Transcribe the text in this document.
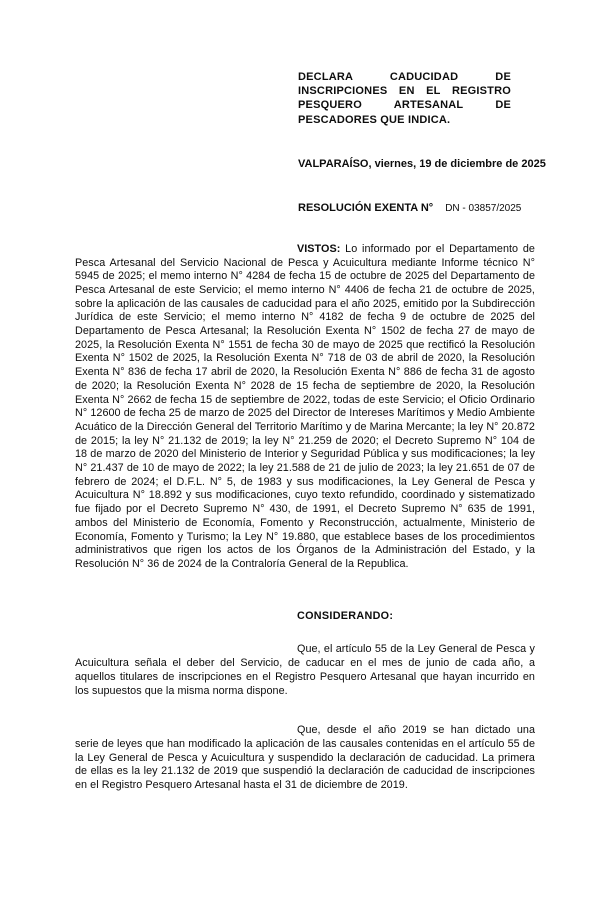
DECLARA CADUCIDAD DE INSCRIPCIONES EN EL REGISTRO PESQUERO ARTESANAL DE PESCADORES QUE INDICA.

VALPARAÍSO, viernes, 19 de diciembre de 2025

RESOLUCIÓN EXENTA N° DN - 03857/2025

VISTOS: Lo informado por el Departamento de Pesca Artesanal del Servicio Nacional de Pesca y Acuicultura mediante Informe técnico N° 5945 de 2025; el memo interno N° 4284 de fecha 15 de octubre de 2025 del Departamento de Pesca Artesanal de este Servicio; el memo interno N° 4406 de fecha 21 de octubre de 2025, sobre la aplicación de las causales de caducidad para el año 2025, emitido por la Subdirección Jurídica de este Servicio; el memo interno N° 4182 de fecha 9 de octubre de 2025 del Departamento de Pesca Artesanal; la Resolución Exenta N° 1502 de fecha 27 de mayo de 2025, la Resolución Exenta N° 1551 de fecha 30 de mayo de 2025 que rectificó la Resolución Exenta N° 1502 de 2025, la Resolución Exenta N° 718 de 03 de abril de 2020, la Resolución Exenta N° 836 de fecha 17 abril de 2020, la Resolución Exenta N° 886 de fecha 31 de agosto de 2020; la Resolución Exenta N° 2028 de 15 fecha de septiembre de 2020, la Resolución Exenta N° 2662 de fecha 15 de septiembre de 2022, todas de este Servicio; el Oficio Ordinario N° 12600 de fecha 25 de marzo de 2025 del Director de Intereses Marítimos y Medio Ambiente Acuático de la Dirección General del Territorio Marítimo y de Marina Mercante; la ley N° 20.872 de 2015; la ley N° 21.132 de 2019; la ley N° 21.259 de 2020; el Decreto Supremo N° 104 de 18 de marzo de 2020 del Ministerio de Interior y Seguridad Pública y sus modificaciones; la ley N° 21.437 de 10 de mayo de 2022; la ley 21.588 de 21 de julio de 2023; la ley 21.651 de 07 de febrero de 2024; el D.F.L. N° 5, de 1983 y sus modificaciones, la Ley General de Pesca y Acuicultura N° 18.892 y sus modificaciones, cuyo texto refundido, coordinado y sistematizado fue fijado por el Decreto Supremo N° 430, de 1991, el Decreto Supremo N° 635 de 1991, ambos del Ministerio de Economía, Fomento y Reconstrucción, actualmente, Ministerio de Economía, Fomento y Turismo; la Ley N° 19.880, que establece bases de los procedimientos administrativos que rigen los actos de los Órganos de la Administración del Estado, y la Resolución N° 36 de 2024 de la Contraloría General de la Republica.

CONSIDERANDO:

Que, el artículo 55 de la Ley General de Pesca y Acuicultura señala el deber del Servicio, de caducar en el mes de junio de cada año, a aquellos titulares de inscripciones en el Registro Pesquero Artesanal que hayan incurrido en los supuestos que la misma norma dispone.

Que, desde el año 2019 se han dictado una serie de leyes que han modificado la aplicación de las causales contenidas en el artículo 55 de la Ley General de Pesca y Acuicultura y suspendido la declaración de caducidad. La primera de ellas es la ley 21.132 de 2019 que suspendió la declaración de caducidad de inscripciones en el Registro Pesquero Artesanal hasta el 31 de diciembre de 2019.
